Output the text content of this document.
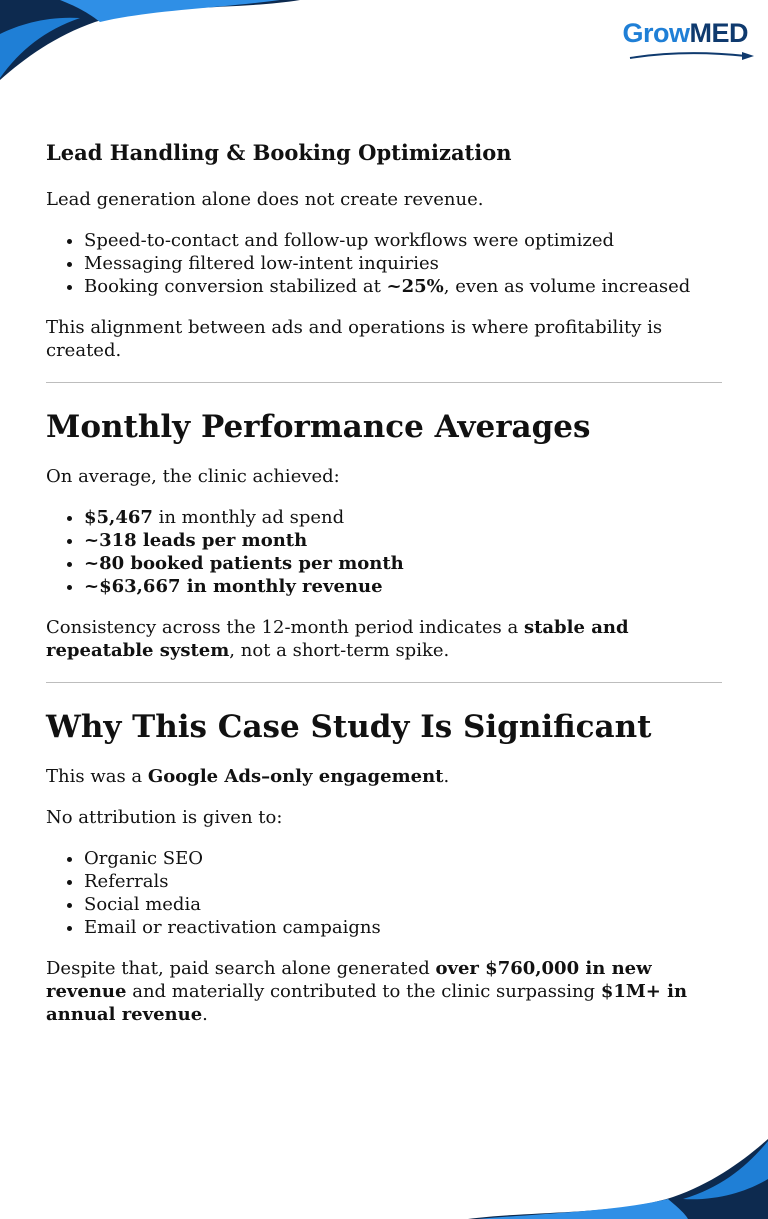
Grow MED
Lead Handling & Booking Optimization

Lead generation alone does not create revenue.

• Speed-to-contact and follow-up workflows were optimized
• Messaging filtered low-intent inquiries
• Booking conversion stabilized at ~25%, even as volume increased

This alignment between ads and operations is where profitability is created.

Monthly Performance Averages

On average, the clinic achieved:

• $5,467 in monthly ad spend
• ~318 leads per month
• ~80 booked patients per month
• ~$63,667 in monthly revenue

Consistency across the 12-month period indicates a stable and repeatable system, not a short-term spike.

Why This Case Study Is Significant

This was a Google Ads–only engagement.

No attribution is given to:

• Organic SEO
• Referrals
• Social media
• Email or reactivation campaigns

Despite that, paid search alone generated over $760,000 in new revenue and materially contributed to the clinic surpassing $1M+ in annual revenue.
